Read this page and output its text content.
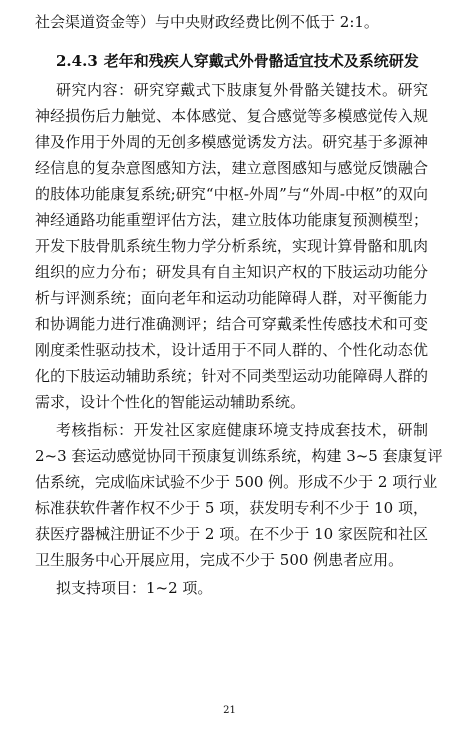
社会渠道资金等）与中央财政经费比例不低于 2:1。
2.4.3 老年和残疾人穿戴式外骨骼适宜技术及系统研发
研究内容：研究穿戴式下肢康复外骨骼关键技术。研究
神经损伤后力触觉、本体感觉、复合感觉等多模感觉传入规
律及作用于外周的无创多模感觉诱发方法。研究基于多源神
经信息的复杂意图感知方法，建立意图感知与感觉反馈融合
的肢体功能康复系统;研究“中枢-外周”与“外周-中枢”的双向
神经通路功能重塑评估方法，建立肢体功能康复预测模型；
开发下肢骨肌系统生物力学分析系统，实现计算骨骼和肌肉
组织的应力分布；研发具有自主知识产权的下肢运动功能分
析与评测系统；面向老年和运动功能障碍人群，对平衡能力
和协调能力进行准确测评；结合可穿戴柔性传感技术和可变
刚度柔性驱动技术，设计适用于不同人群的、个性化动态优
化的下肢运动辅助系统；针对不同类型运动功能障碍人群的
需求，设计个性化的智能运动辅助系统。
考核指标：开发社区家庭健康环境支持成套技术，研制
2~3 套运动感觉协同干预康复训练系统，构建 3~5 套康复评
估系统，完成临床试验不少于 500 例。形成不少于 2 项行业
标准获软件著作权不少于 5 项，获发明专利不少于 10 项，
获医疗器械注册证不少于 2 项。在不少于 10 家医院和社区
卫生服务中心开展应用，完成不少于 500 例患者应用。
拟支持项目：1~2 项。
21
